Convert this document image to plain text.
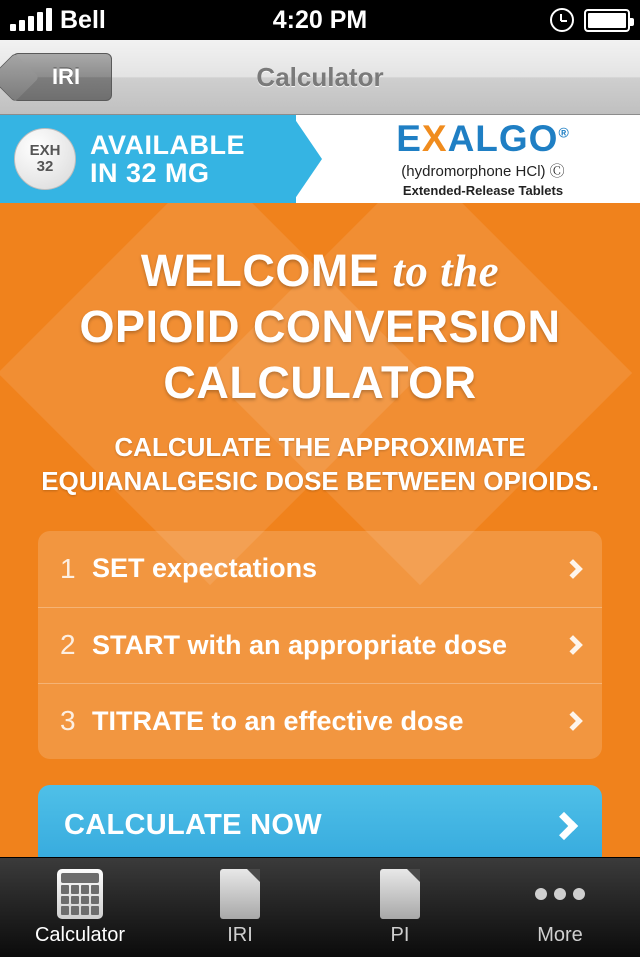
Bell	4:20 PM
IRI	Calculator
EXH
32
AVAILABLE
IN 32 MG
EXALGO®
(hydromorphone HCl) Ⓒ
Extended-Release Tablets
WELCOME to the
OPIOID CONVERSION
CALCULATOR
CALCULATE THE APPROXIMATE
EQUIANALGESIC DOSE BETWEEN OPIOIDS.
1 SET expectations
2 START with an appropriate dose
3 TITRATE to an effective dose
CALCULATE NOW
Calculator	IRI	PI	More
